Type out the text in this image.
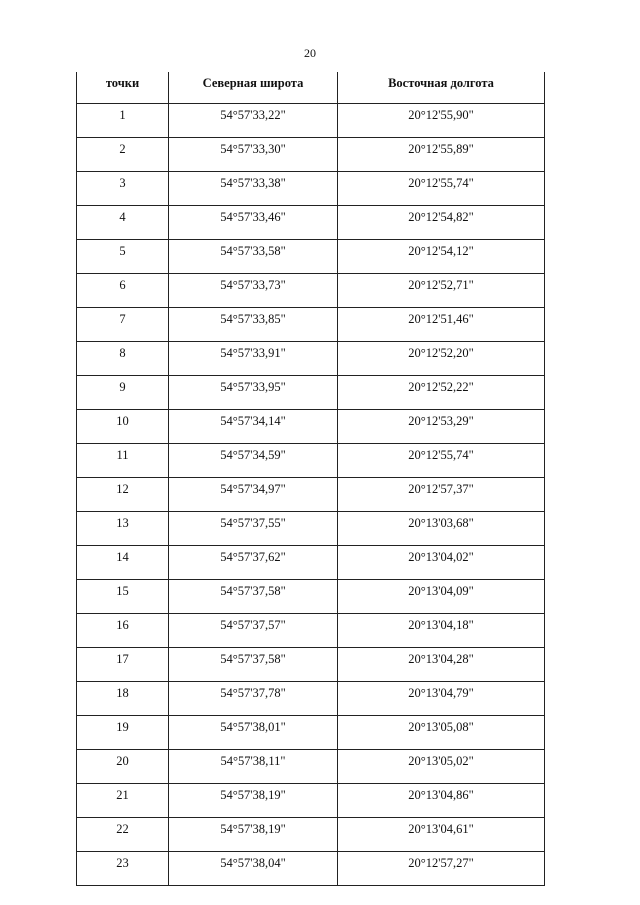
20
точки	Северная широта	Восточная долгота
1	54°57'33,22"	20°12'55,90"
2	54°57'33,30"	20°12'55,89"
3	54°57'33,38"	20°12'55,74"
4	54°57'33,46"	20°12'54,82"
5	54°57'33,58"	20°12'54,12"
6	54°57'33,73"	20°12'52,71"
7	54°57'33,85"	20°12'51,46"
8	54°57'33,91"	20°12'52,20"
9	54°57'33,95"	20°12'52,22"
10	54°57'34,14"	20°12'53,29"
11	54°57'34,59"	20°12'55,74"
12	54°57'34,97"	20°12'57,37"
13	54°57'37,55"	20°13'03,68"
14	54°57'37,62"	20°13'04,02"
15	54°57'37,58"	20°13'04,09"
16	54°57'37,57"	20°13'04,18"
17	54°57'37,58"	20°13'04,28"
18	54°57'37,78"	20°13'04,79"
19	54°57'38,01"	20°13'05,08"
20	54°57'38,11"	20°13'05,02"
21	54°57'38,19"	20°13'04,86"
22	54°57'38,19"	20°13'04,61"
23	54°57'38,04"	20°12'57,27"
